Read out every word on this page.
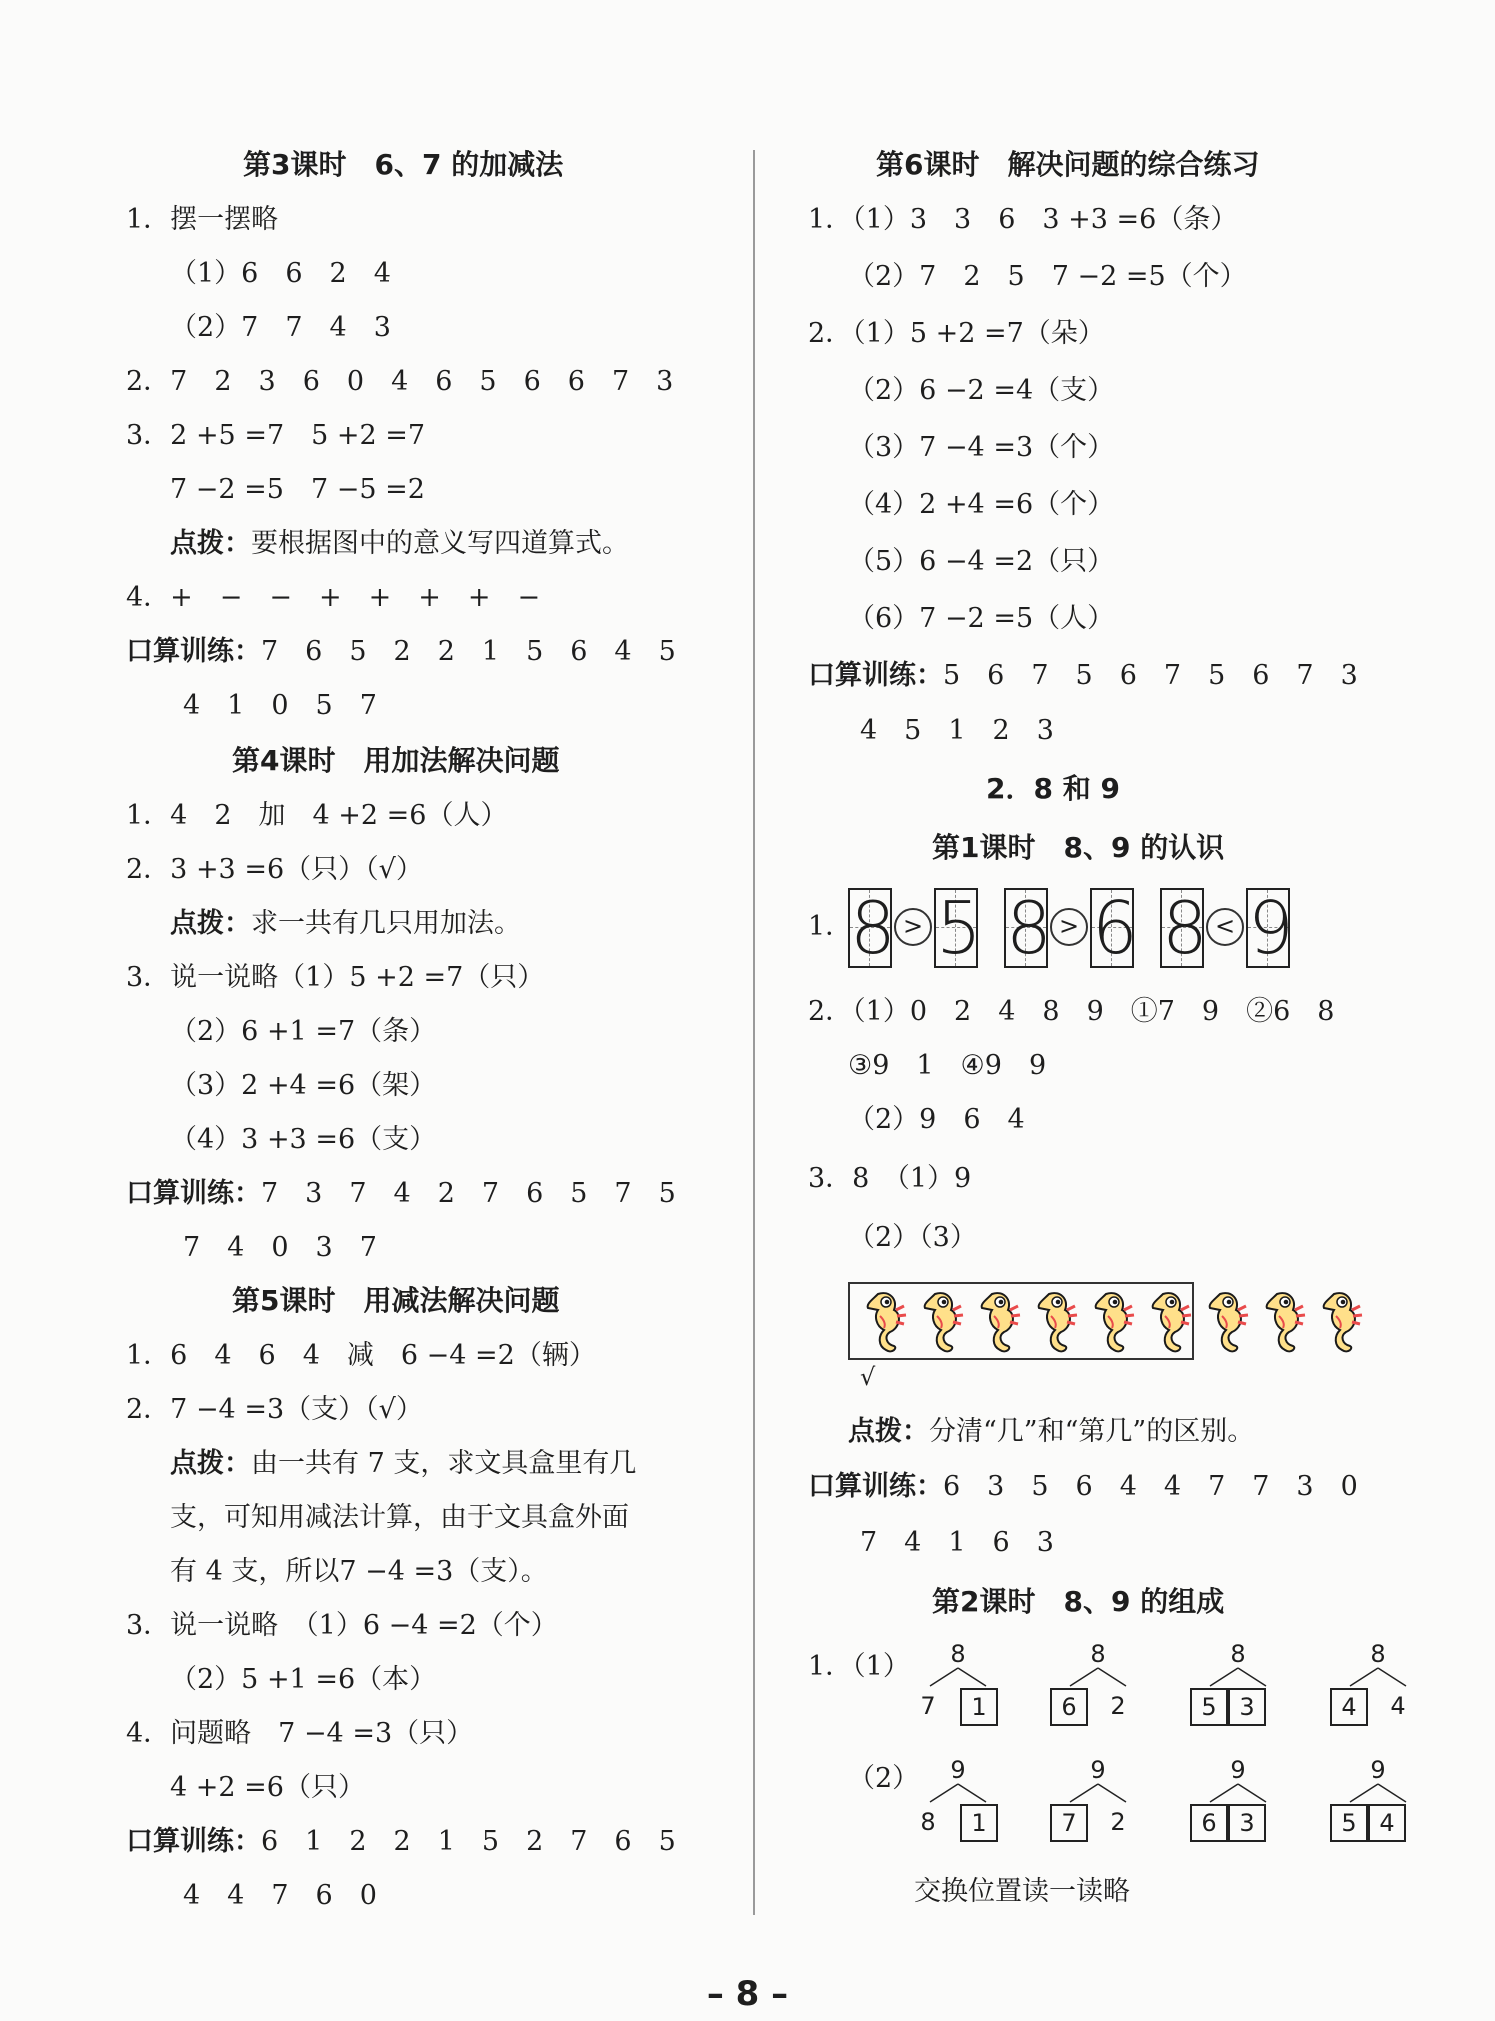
第3课时　6、7 的加减法
1．摆一摆略
（1）6　6　2　4
（2）7　7　4　3
2．7　2　3　6　0　4　6　5　6　6　7　3
3．2 +5 =7　5 +2 =7
7 −2 =5　7 −5 =2
点拨：要根据图中的意义写四道算式。
4．+　−　−　+　+　+　+　−
口算训练：7　6　5　2　2　1　5　6　4　5
4　1　0　5　7
第4课时　用加法解决问题
1．4　2　加　4 +2 =6（人）
2．3 +3 =6（只）（√）
点拨：求一共有几只用加法。
3．说一说略（1）5 +2 =7（只）
（2）6 +1 =7（条）
（3）2 +4 =6（架）
（4）3 +3 =6（支）
口算训练：7　3　7　4　2　7　6　5　7　5
7　4　0　3　7
第5课时　用减法解决问题
1．6　4　6　4　减　6 −4 =2（辆）
2．7 −4 =3（支）（√）
点拨：由一共有 7 支，求文具盒里有几
支，可知用减法计算，由于文具盒外面
有 4 支，所以7 −4 =3（支）。
3．说一说略　（1）6 −4 =2（个）
（2）5 +1 =6（本）
4．问题略　7 −4 =3（只）
4 +2 =6（只）
口算训练：6　1　2　2　1　5　2　7　6　5
4　4　7　6　0
第6课时　解决问题的综合练习
1．（1）3　3　6　3 +3 =6（条）
（2）7　2　5　7 −2 =5（个）
2．（1）5 +2 =7（朵）
（2）6 −2 =4（支）
（3）7 −4 =3（个）
（4）2 +4 =6（个）
（5）6 −4 =2（只）
（6）7 −2 =5（人）
口算训练：5　6　7　5　6　7　5　6　7　3
4　5　1　2　3
2．8 和 9
第1课时　8、9 的认识
1．
8 > 5 8 > 6 8 < 9
2．（1）0　2　4　8　9　①7　9　②6　8
③9　1　④9　9
（2）9　6　4
3．8　（1）9
（2）（3）
√
点拨：分清“几”和“第几”的区别。
口算训练：6　3　5　6　4　4　7　7　3　0
7　4　1　6　3
第2课时　8、9 的组成
1．（1）	8
7	1
8
6	2
8
5 3
8
4	4
（2）	9
8	1
9
7	2
9
6 3
9
5 4
交换位置读一读略
– 8 –
